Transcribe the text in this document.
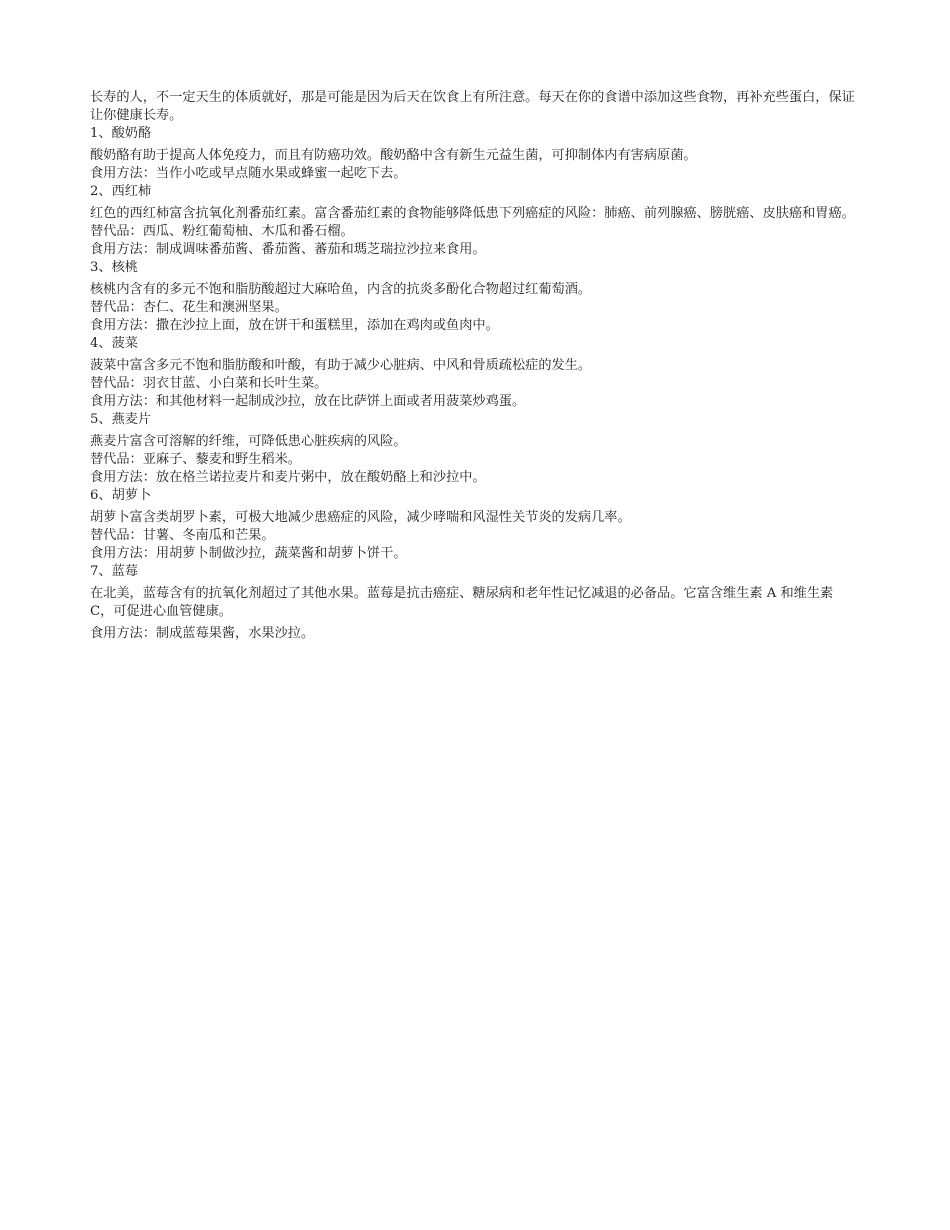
长寿的人，不一定天生的体质就好，那是可能是因为后天在饮食上有所注意。每天在你的食谱中添加这些食物，再补充些蛋白，保证让你健康长寿。

1、酸奶酪

酸奶酪有助于提高人体免疫力，而且有防癌功效。酸奶酪中含有新生元益生菌，可抑制体内有害病原菌。

食用方法：当作小吃或早点随水果或蜂蜜一起吃下去。

2、西红柿

红色的西红柿富含抗氧化剂番茄红素。富含番茄红素的食物能够降低患下列癌症的风险：肺癌、前列腺癌、膀胱癌、皮肤癌和胃癌。

替代品：西瓜、粉红葡萄柚、木瓜和番石榴。

食用方法：制成调味番茄酱、番茄酱、蕃茄和瑪芝瑞拉沙拉来食用。

3、核桃

核桃内含有的多元不饱和脂肪酸超过大麻哈鱼，内含的抗炎多酚化合物超过红葡萄酒。

替代品：杏仁、花生和澳洲坚果。

食用方法：撒在沙拉上面，放在饼干和蛋糕里，添加在鸡肉或鱼肉中。

4、菠菜

菠菜中富含多元不饱和脂肪酸和叶酸，有助于减少心脏病、中风和骨质疏松症的发生。

替代品：羽衣甘蓝、小白菜和长叶生菜。

食用方法：和其他材料一起制成沙拉，放在比萨饼上面或者用菠菜炒鸡蛋。

5、燕麦片

燕麦片富含可溶解的纤维，可降低患心脏疾病的风险。

替代品：亚麻子、藜麦和野生稻米。

食用方法：放在格兰诺拉麦片和麦片粥中，放在酸奶酪上和沙拉中。

6、胡萝卜

胡萝卜富含类胡罗卜素，可极大地减少患癌症的风险，减少哮喘和风湿性关节炎的发病几率。

替代品：甘薯、冬南瓜和芒果。

食用方法：用胡萝卜制做沙拉，蔬菜酱和胡萝卜饼干。

7、蓝莓

在北美，蓝莓含有的抗氧化剂超过了其他水果。蓝莓是抗击癌症、糖尿病和老年性记忆减退的必备品。它富含维生素 A 和维生素 C，可促进心血管健康。

食用方法：制成蓝莓果酱，水果沙拉。
